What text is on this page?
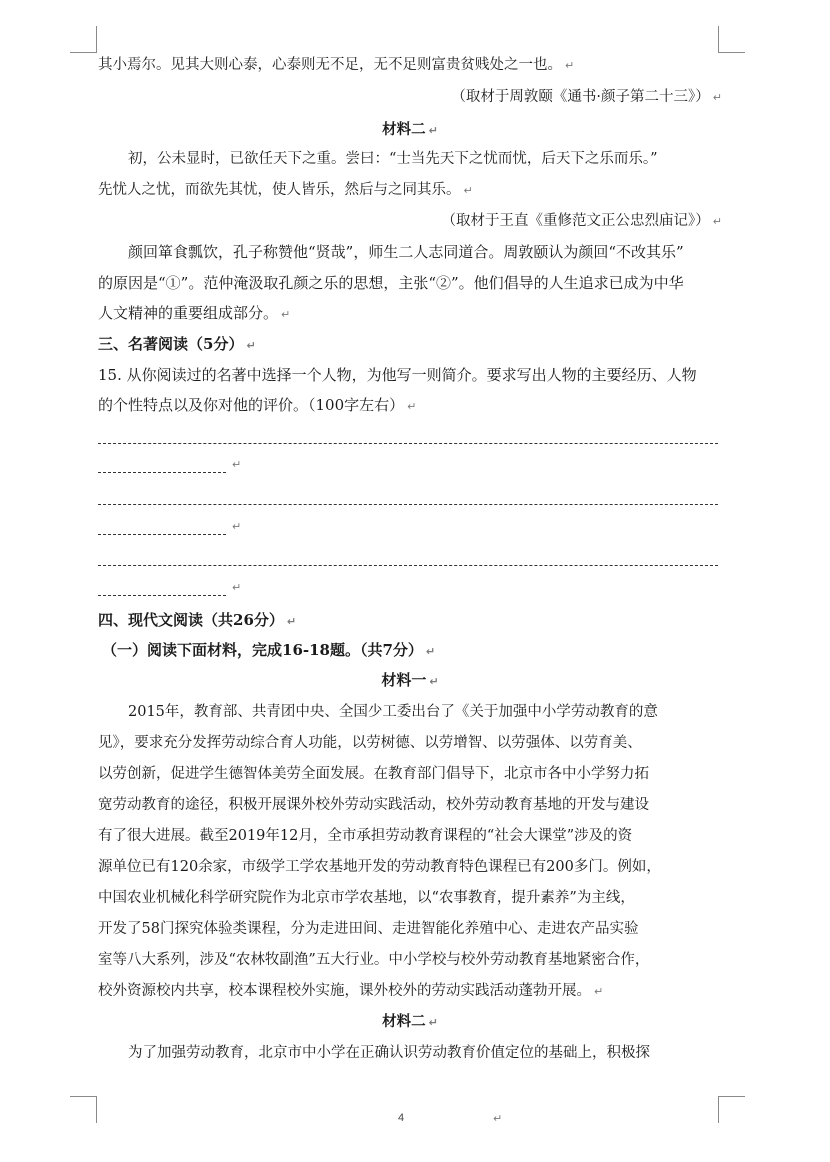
其小焉尔。见其大则心泰，心泰则无不足，无不足则富贵贫贱处之一也。 ↵
（取材于周敦颐《通书·颜子第二十三》） ↵
材料二 ↵
初，公未显时，已欲任天下之重。尝曰：“士当先天下之忧而忧，后天下之乐而乐。”
先忧人之忧，而欲先其忧，使人皆乐，然后与之同其乐。 ↵
（取材于王直《重修范文正公忠烈庙记》） ↵
颜回箪食瓢饮，孔子称赞他“贤哉”，师生二人志同道合。周敦颐认为颜回“不改其乐”
的原因是“①”。范仲淹汲取孔颜之乐的思想，主张“②”。他们倡导的人生追求已成为中华
人文精神的重要组成部分。 ↵
三、名著阅读（5分） ↵
15. 从你阅读过的名著中选择一个人物，为他写一则简介。要求写出人物的主要经历、人物
的个性特点以及你对他的评价。（100字左右） ↵
↵
↵
↵
四、现代文阅读（共26分） ↵
（一）阅读下面材料，完成16-18题。（共7分） ↵
材料一 ↵
2015年，教育部、共青团中央、全国少工委出台了《关于加强中小学劳动教育的意
见》，要求充分发挥劳动综合育人功能，以劳树德、以劳增智、以劳强体、以劳育美、
以劳创新，促进学生德智体美劳全面发展。在教育部门倡导下，北京市各中小学努力拓
宽劳动教育的途径，积极开展课外校外劳动实践活动，校外劳动教育基地的开发与建设
有了很大进展。截至2019年12月，全市承担劳动教育课程的“社会大课堂”涉及的资
源单位已有120余家，市级学工学农基地开发的劳动教育特色课程已有200多门。例如，
中国农业机械化科学研究院作为北京市学农基地，以“农事教育，提升素养”为主线，
开发了58门探究体验类课程，分为走进田间、走进智能化养殖中心、走进农产品实验
室等八大系列，涉及“农林牧副渔”五大行业。中小学校与校外劳动教育基地紧密合作，
校外资源校内共享，校本课程校外实施，课外校外的劳动实践活动蓬勃开展。 ↵
材料二 ↵
为了加强劳动教育，北京市中小学在正确认识劳动教育价值定位的基础上，积极探
4	↵
